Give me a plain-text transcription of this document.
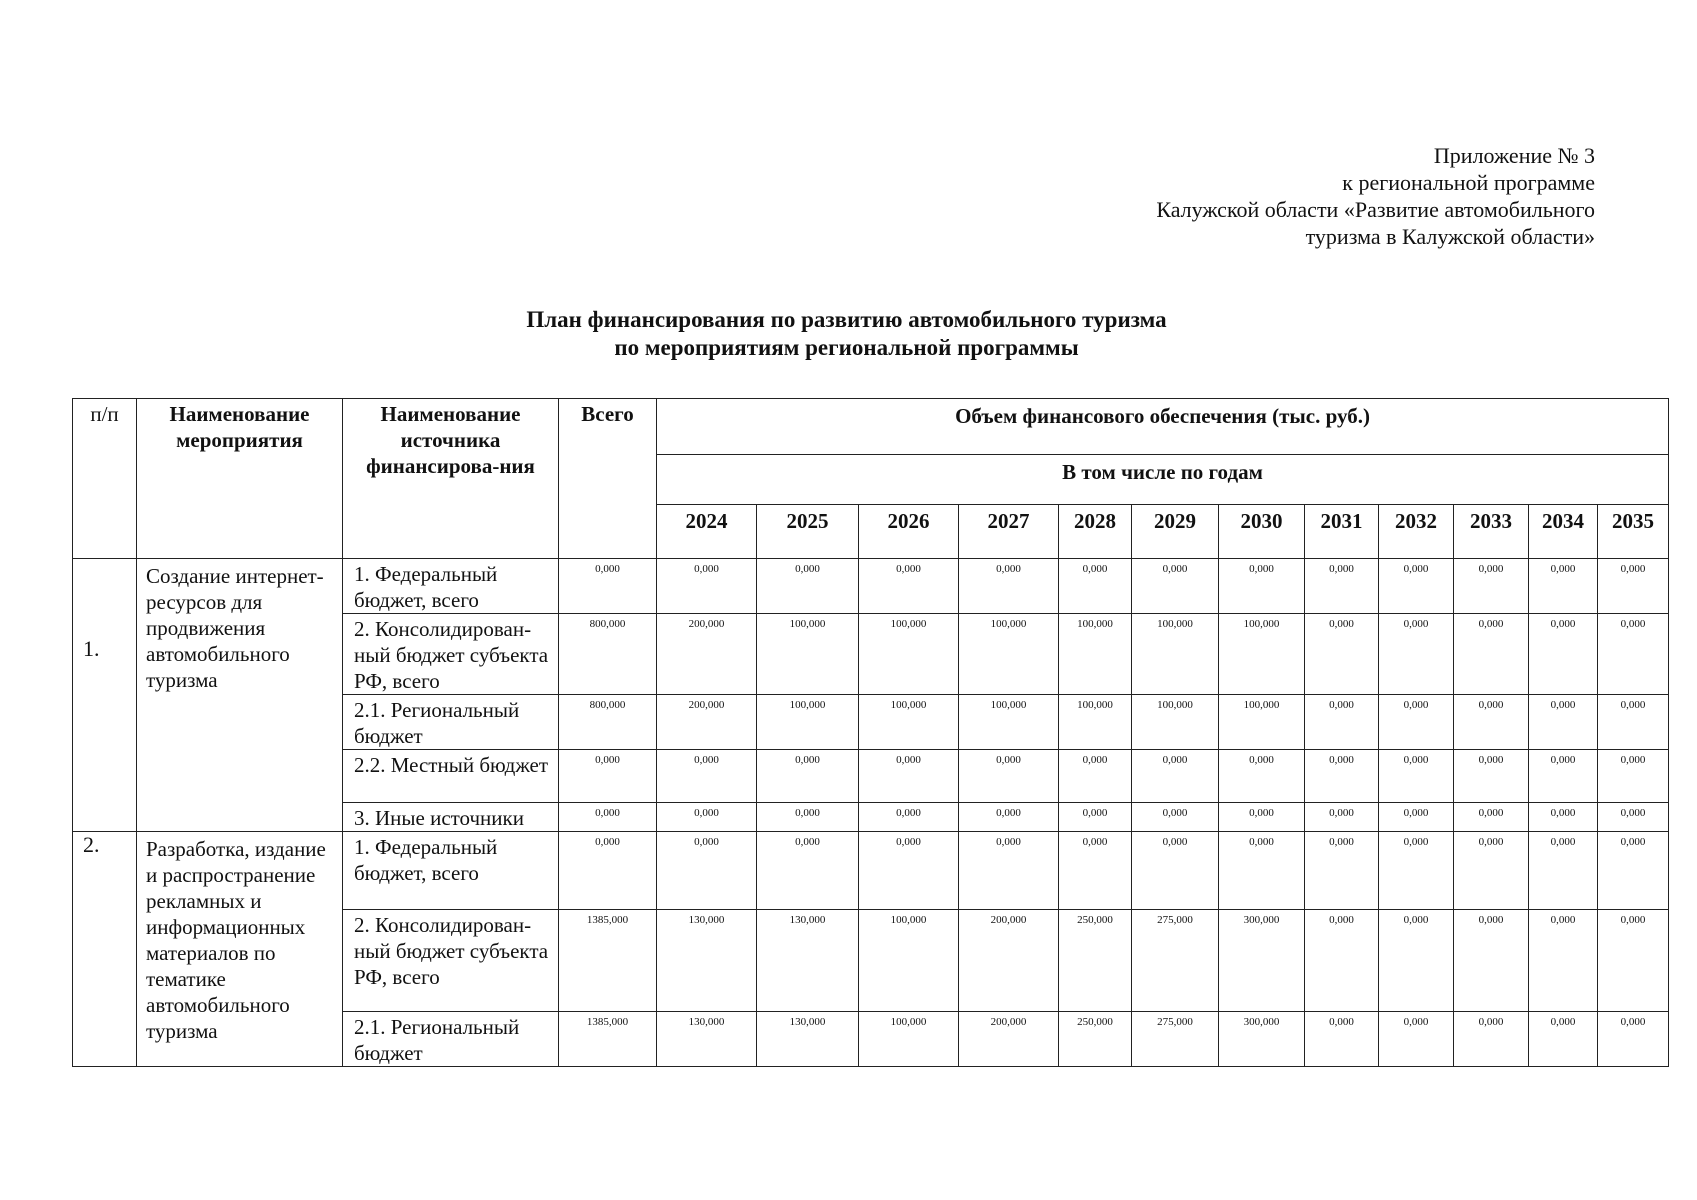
Приложение № 3
к региональной программе
Калужской области «Развитие автомобильного
туризма в Калужской области»
План финансирования по развитию автомобильного туризма
по мероприятиям региональной программы
п/п	Наименование мероприятия	Наименование источника финансирова-ния	Всего	Объем финансового обеспечения (тыс. руб.)											
				В том числе по годам											
				2024	2025	2026	2027	2028	2029	2030	2031	2032	2033	2034	2035
1.	Создание интернет-ресурсов для продвижения автомобильного туризма	1. Федеральный бюджет, всего	0,000	0,000	0,000	0,000	0,000	0,000	0,000	0,000	0,000	0,000	0,000	0,000	0,000
		2. Консолидирован-ный бюджет субъекта РФ, всего	800,000	200,000	100,000	100,000	100,000	100,000	100,000	100,000	0,000	0,000	0,000	0,000	0,000
		2.1. Региональный бюджет	800,000	200,000	100,000	100,000	100,000	100,000	100,000	100,000	0,000	0,000	0,000	0,000	0,000
		2.2. Местный бюджет	0,000	0,000	0,000	0,000	0,000	0,000	0,000	0,000	0,000	0,000	0,000	0,000	0,000
		3. Иные источники	0,000	0,000	0,000	0,000	0,000	0,000	0,000	0,000	0,000	0,000	0,000	0,000	0,000
2.	Разработка, издание и распространение рекламных и информационных материалов по тематике автомобильного туризма	1. Федеральный бюджет, всего	0,000	0,000	0,000	0,000	0,000	0,000	0,000	0,000	0,000	0,000	0,000	0,000	0,000
		2. Консолидирован-ный бюджет субъекта РФ, всего	1385,000	130,000	130,000	100,000	200,000	250,000	275,000	300,000	0,000	0,000	0,000	0,000	0,000
		2.1. Региональный бюджет	1385,000	130,000	130,000	100,000	200,000	250,000	275,000	300,000	0,000	0,000	0,000	0,000	0,000
